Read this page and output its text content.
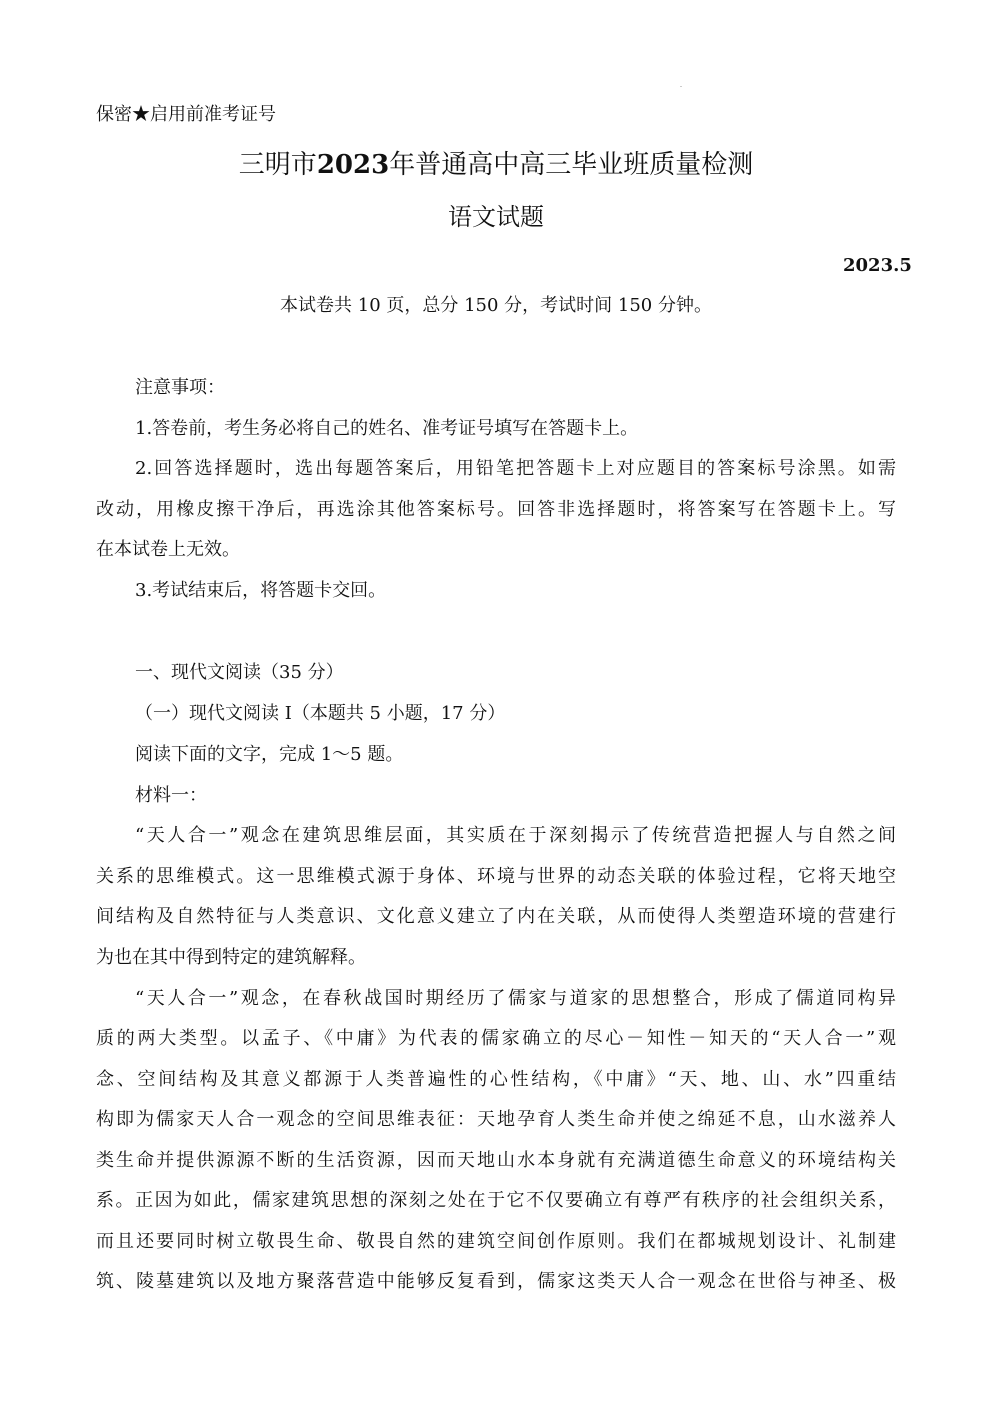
保密★启用前准考证号
三明市2023年普通高中高三毕业班质量检测
语文试题
2023.5
本试卷共 10 页，总分 150 分，考试时间 150 分钟。
注意事项：
1.答卷前，考生务必将自己的姓名、准考证号填写在答题卡上。
2.回答选择题时，选出每题答案后，用铅笔把答题卡上对应题目的答案标号涂黑。如需
改动，用橡皮擦干净后，再选涂其他答案标号。回答非选择题时，将答案写在答题卡上。写
在本试卷上无效。
3.考试结束后，将答题卡交回。
一、现代文阅读（35 分）
（一）现代文阅读 I（本题共 5 小题，17 分）
阅读下面的文字，完成 1～5 题。
材料一：
“天人合一”观念在建筑思维层面，其实质在于深刻揭示了传统营造把握人与自然之间
关系的思维模式。这一思维模式源于身体、环境与世界的动态关联的体验过程，它将天地空
间结构及自然特征与人类意识、文化意义建立了内在关联，从而使得人类塑造环境的营建行
为也在其中得到特定的建筑解释。
“天人合一”观念，在春秋战国时期经历了儒家与道家的思想整合，形成了儒道同构异
质的两大类型。以孟子、《中庸》为代表的儒家确立的尽心－知性－知天的“天人合一”观
念、空间结构及其意义都源于人类普遍性的心性结构，《中庸》“天、地、山、水”四重结
构即为儒家天人合一观念的空间思维表征：天地孕育人类生命并使之绵延不息，山水滋养人
类生命并提供源源不断的生活资源，因而天地山水本身就有充满道德生命意义的环境结构关
系。正因为如此，儒家建筑思想的深刻之处在于它不仅要确立有尊严有秩序的社会组织关系，
而且还要同时树立敬畏生命、敬畏自然的建筑空间创作原则。我们在都城规划设计、礼制建
筑、陵墓建筑以及地方聚落营造中能够反复看到，儒家这类天人合一观念在世俗与神圣、极
